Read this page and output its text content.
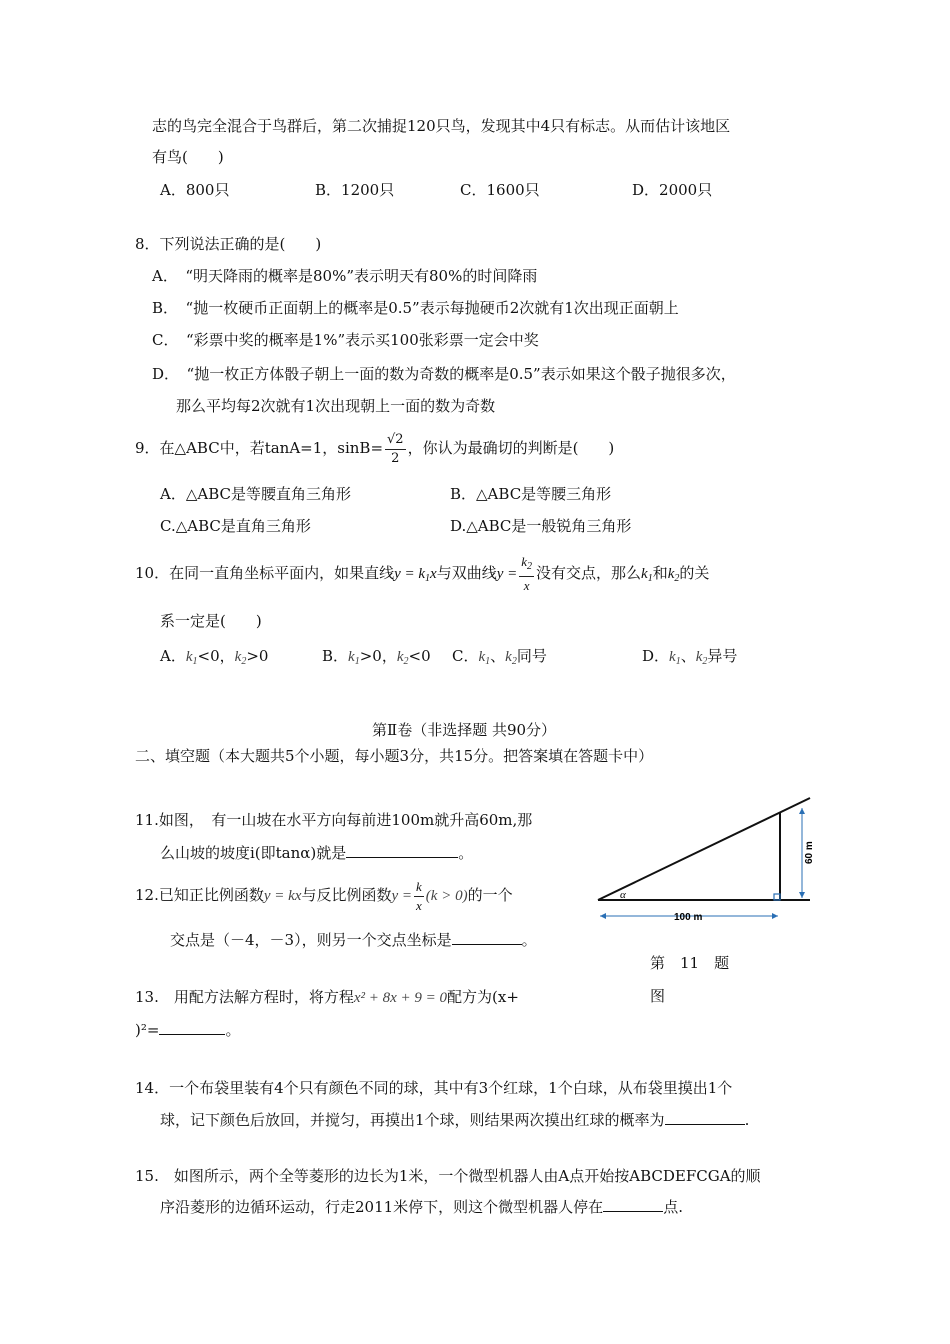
志的鸟完全混合于鸟群后，第二次捕捉120只鸟，发现其中4只有标志。从而估计该地区
有鸟(　　)
A．800只	B．1200只	C．1600只	D．2000只
8．下列说法正确的是(　　)
A．　“明天降雨的概率是80%”表示明天有80%的时间降雨
B．　“抛一枚硬币正面朝上的概率是0.5”表示每抛硬币2次就有1次出现正面朝上
C．　“彩票中奖的概率是1%”表示买100张彩票一定会中奖
D．　“抛一枚正方体骰子朝上一面的数为奇数的概率是0.5”表示如果这个骰子抛很多次，
那么平均每2次就有1次出现朝上一面的数为奇数
9．在△ABC中，若tanA=1，$\sin B= \frac{√2}{2}$ ，你认为最确切的判断是(　　)
A．△ABC是等腰直角三角形	B．△ABC是等腰三角形
C.△ABC是直角三角形	D.△ABC是一般锐角三角形
10．在同一直角坐标平面内，如果直线$y = k_1x$与双曲线$y = \frac{k_2}{x}$ 没有交点，那么$k_1$和$k_2$的关
系一定是(　　)
A．$k_1<0$，$k_2>0$	B．$k_1>0$，$k_2<0$ C．$k_1$、$k_2$同号	D．$k_1$、$k_2$异号
第Ⅱ卷（非选择题 共90分）
二、填空题（本大题共5个小题，每小题3分，共15分。把答案填在答题卡中）
11.如图，　有一山坡在水平方向每前进100m就升高60m,那
么山坡的坡度i(即tanα)就是	。
12.已知正比例函数y = kx与反比例函数$y = \frac{k}{x} (k > 0)$的一个
交点是（－4，－3），则另一个交点坐标是	。
13.　用配方法解方程时，将方程x² + 8x + 9 = 0配方为(x+
)²=	。
14．一个布袋里装有4个只有颜色不同的球，其中有3个红球，1个白球，从布袋里摸出1个
球，记下颜色后放回，并搅匀，再摸出1个球，则结果两次摸出红球的概率为	.
15.　如图所示，两个全等菱形的边长为1米，一个微型机器人由A点开始按ABCDEFCGA的顺
序沿菱形的边循环运动，行走2011米停下，则这个微型机器人停在	点.
α
100 m
60 m
第　11　题
图
